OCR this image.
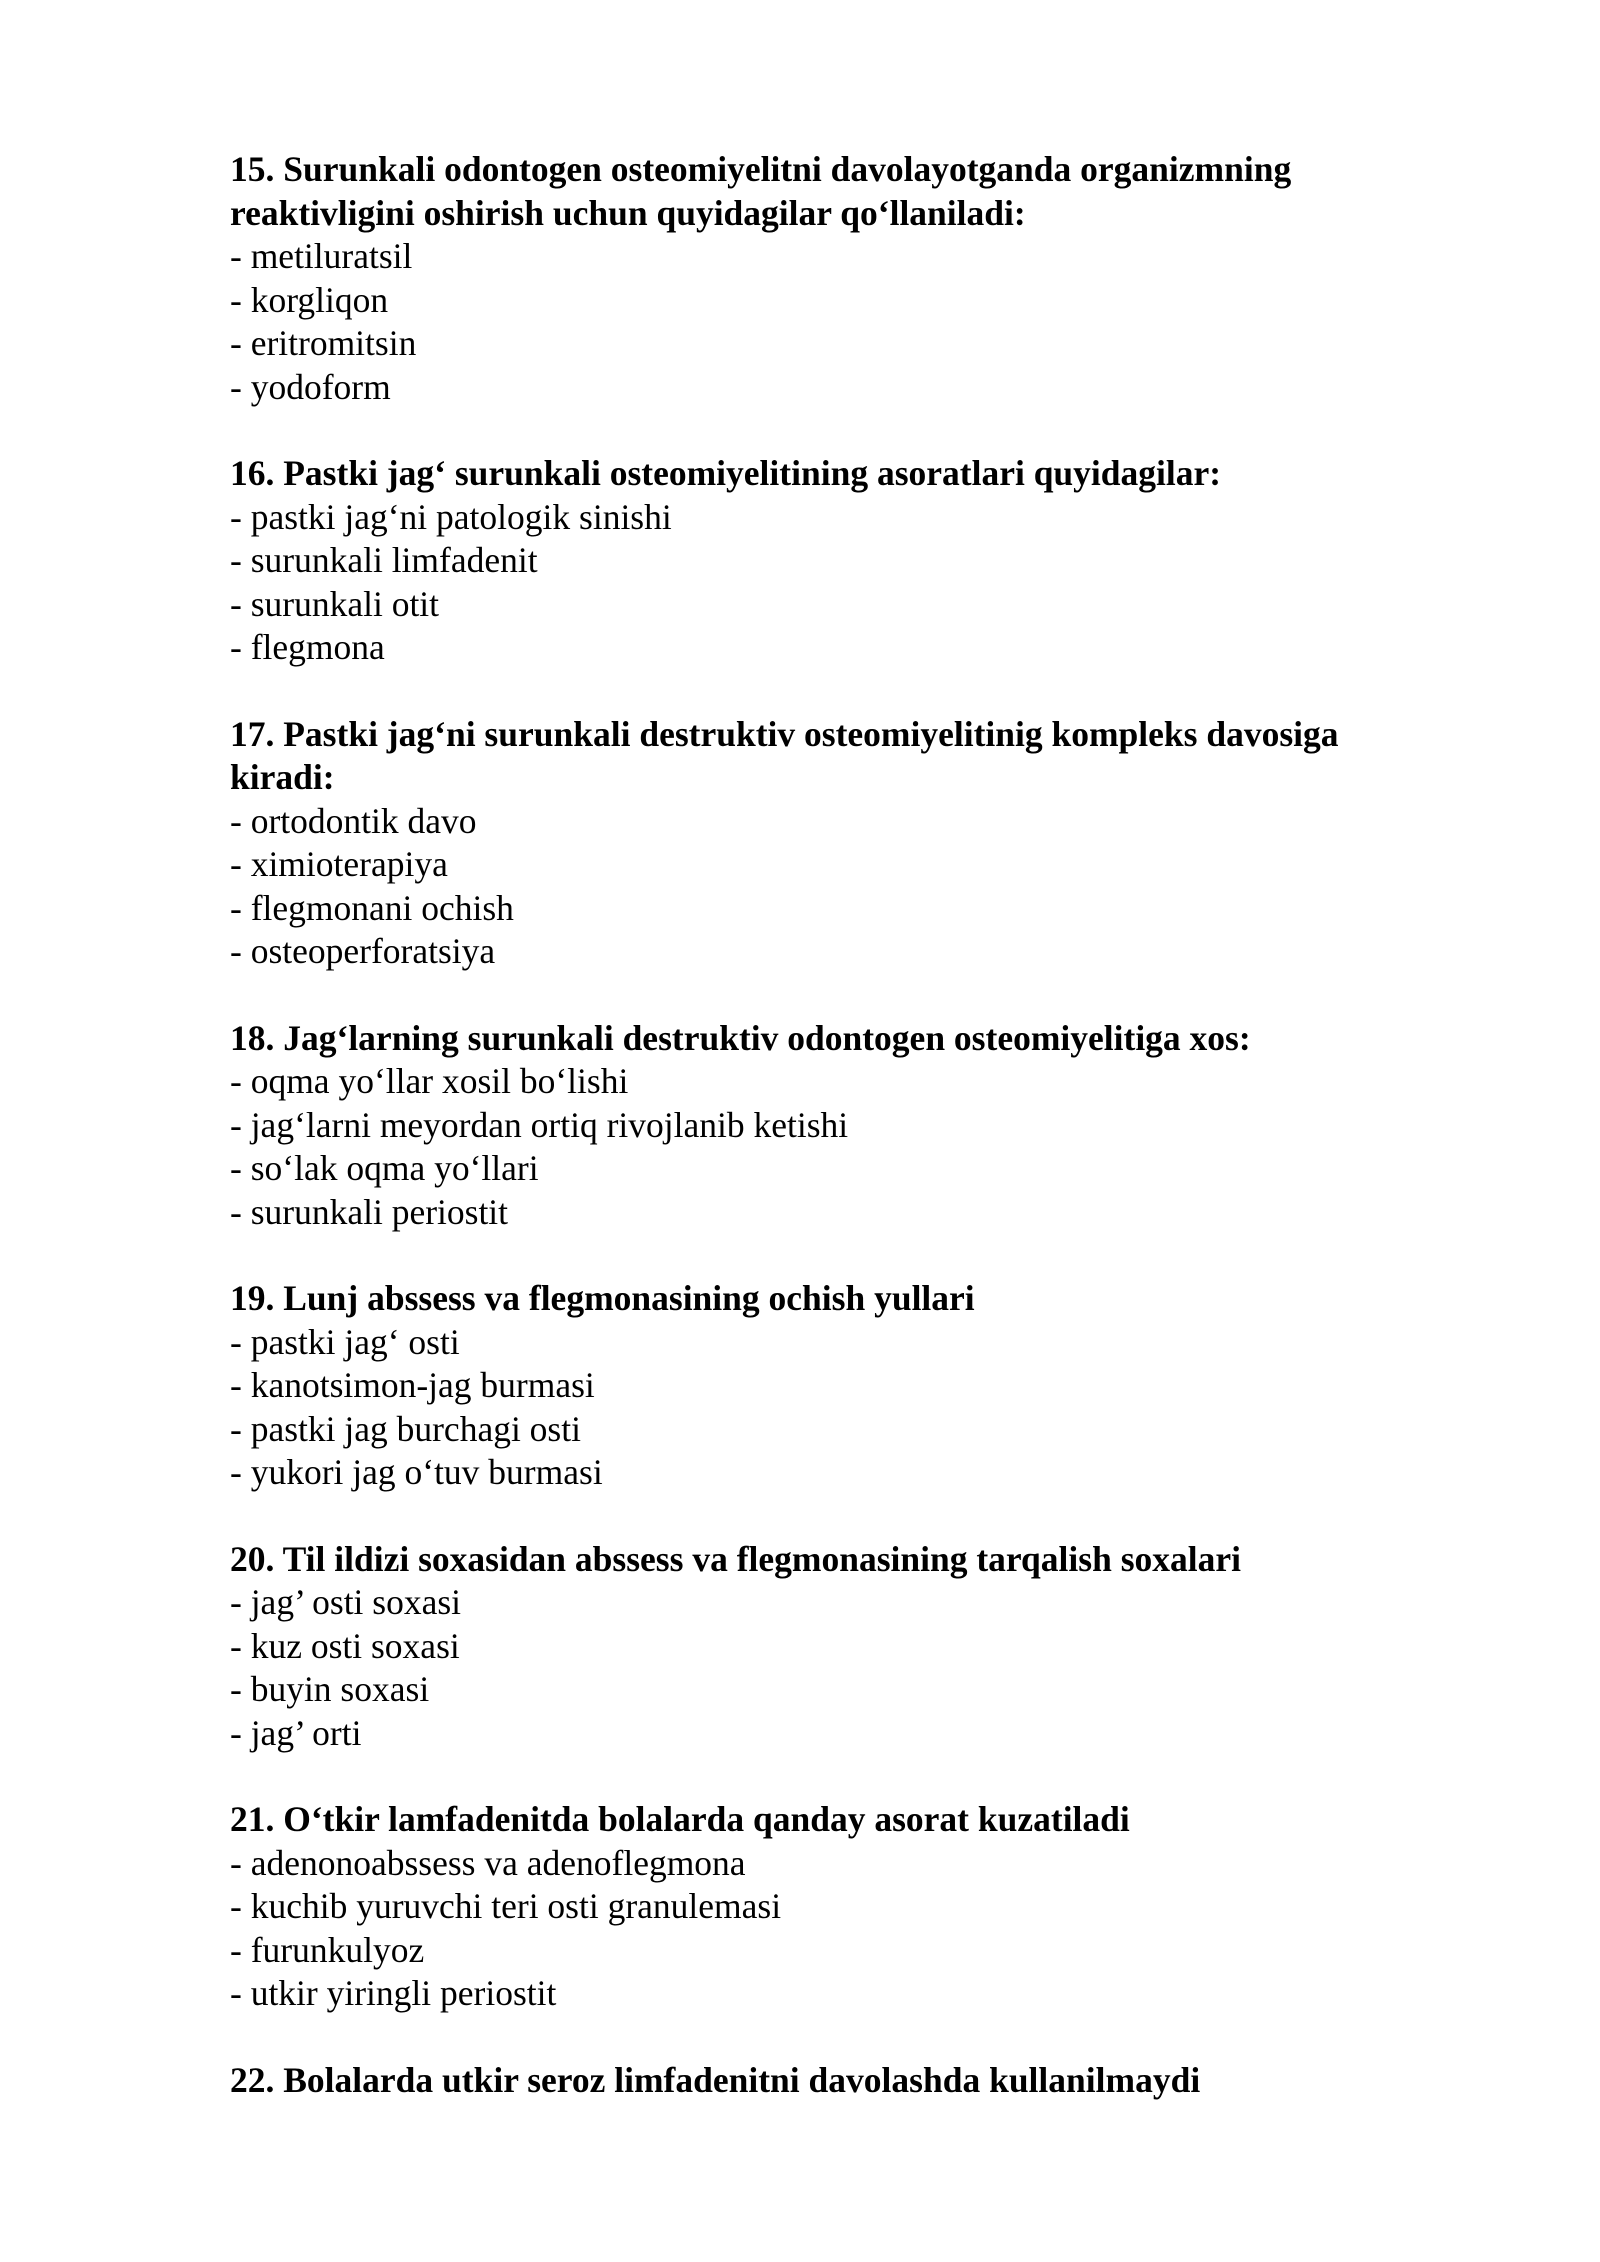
15. Surunkali odontogen osteomiyelitni davolayotganda organizmning
reaktivligini oshirish uchun quyidagilar qo‘llaniladi:

- metiluratsil
- korgliqon
- eritromitsin
- yodoform

16. Pastki jag‘ surunkali osteomiyelitining asoratlari quyidagilar:

- pastki jag‘ni patologik sinishi
- surunkali limfadenit
- surunkali otit
- flegmona

17. Pastki jag‘ni surunkali destruktiv osteomiyelitinig kompleks davosiga
kiradi:

- ortodontik davo
- ximioterapiya
- flegmonani ochish
- osteoperforatsiya

18. Jag‘larning surunkali destruktiv odontogen osteomiyelitiga xos:

- oqma yo‘llar xosil bo‘lishi
- jag‘larni meyordan ortiq rivojlanib ketishi
- so‘lak oqma yo‘llari
- surunkali periostit

19. Lunj abssess va flegmonasining ochish yullari

- pastki jag‘ osti
- kanotsimon-jag burmasi
- pastki jag burchagi osti
- yukori jag o‘tuv burmasi

20. Til ildizi soxasidan abssess va flegmonasining tarqalish soxalari

- jag’ osti soxasi
- kuz osti soxasi
- buyin soxasi
- jag’ orti

21. O‘tkir lamfadenitda bolalarda qanday asorat kuzatiladi

- adenonoabssess va adenoflegmona
- kuchib yuruvchi teri osti granulemasi
- furunkulyoz
- utkir yiringli periostit

22. Bolalarda utkir seroz limfadenitni davolashda kullanilmaydi
